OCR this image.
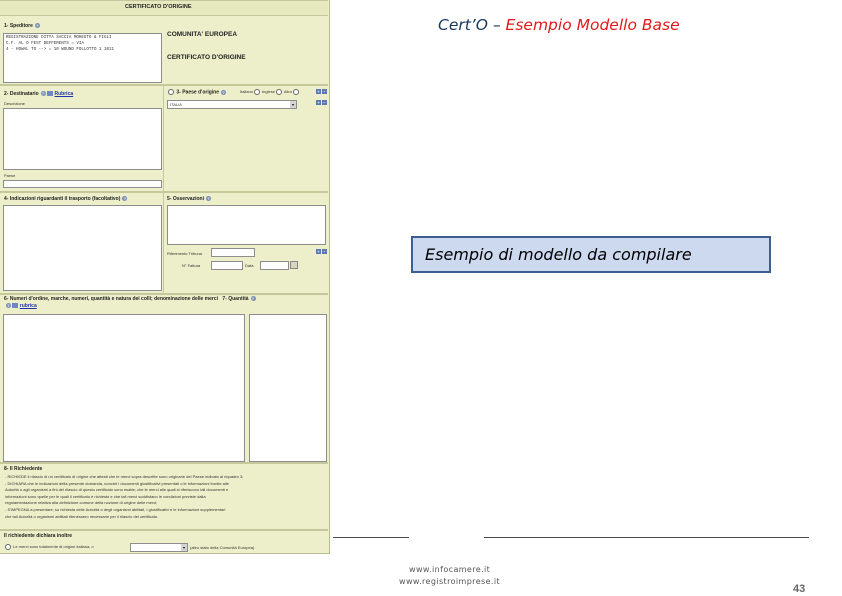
CERTIFICATO D'ORIGINE
1- Speditore ?
REGISTRAZIONE DITTA SACCIA MOHEGTO & FIGLI
C.F. AL O FEST DEFFERENTS = VIA
4 - HOWAL TO --> = 10 WOUND FOLLOTTO 1 1011
COMUNITA' EUROPEA
CERTIFICATO D'ORIGINE
2- Destinatario ? Rubrica
Descrizione
Paese
3- Paese d'origine ?	Italiano Inglese Altro
ITALIA	▾
+ −
+ −
4- Indicazioni riguardanti il trasporto (facoltativo) ?	5- Osservazioni ?
Riferimento Tribuna
N° Fattura	Data
+ −
6- Numeri d'ordine, marche, numeri, quantità e natura dei colli; denominazione delle merci 7- Quantità ?
? rubrica
8- Il Richiedente
- RICHIEDE il rilascio di un certificato di origine che attesti che le merci sopra descritte sono originarie del Paese indicato al riquadro 3;
- DICHIARA che le indicazioni della presente domanda, nonché i documenti giustificativi presentati o le informazioni fornite alle
Autorità o agli organismi a fini del rilascio di questo certificato sono esatte; che le merci alle quali si riferiscono tali documenti e
informazioni sono quelle per le quali il certificato è richiesto e che tali merci soddisfano le condizioni previste dalla
regolamentazione relativa alla definizione comune della nozione di origine delle merci;
- S'IMPEGNA a presentare, su richiesta delle Autorità o degli organismi abilitati, i giustificativi e le informazioni supplementari
che tali Autorità o organismi abilitati ritenessero necessarie per il rilascio del certificato.
Il richiedente dichiara inoltre
Le merci sono totalmente di origine italiana, o	▾	(altro stato della Comunità Europea)
Cert’O – Esempio Modello Base
Esempio di modello da compilare
www.infocamere.it
www.registroimprese.it
43
